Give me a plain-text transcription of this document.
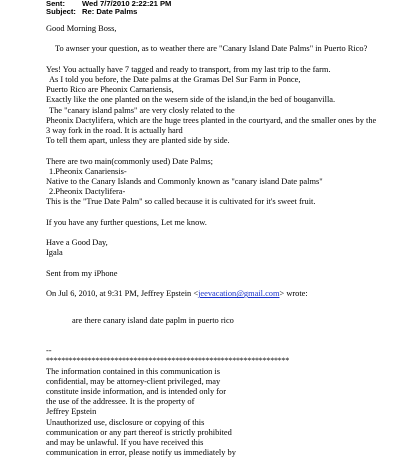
Sent: Wed 7/7/2010 2:22:21 PM
Subject: Re: Date Palms
Good Morning Boss,
To awnser your question, as to weather there are "Canary Island Date Palms" in Puerto Rico?
Yes! You actually have 7 tagged and ready to transport, from my last trip to the farm.
As I told you before, the Date palms at the Gramas Del Sur Farm in Ponce,
Puerto Rico are Pheonix Carnariensis,
Exactly like the one planted on the wesern side of the island,in the bed of bouganvilla.
The "canary island palms" are very closly related to the
Pheonix Dactylifera, which are the huge trees planted in the courtyard, and the smaller ones by the
3 way fork in the road. It is actually hard
To tell them apart, unless they are planted side by side.
There are two main(commonly used) Date Palms;
1.Pheonix Canariensis-
Native to the Canary Islands and Commonly known as "canary island Date palms"
2.Pheonix Dactylifera-
This is the "True Date Palm" so called because it is cultivated for it's sweet fruit.
If you have any further questions, Let me know.
Have a Good Day,
Igala
Sent from my iPhone
On Jul 6, 2010, at 9:31 PM, Jeffrey Epstein <jeevacation@gmail.com> wrote:
are there canary island date paplm in puerto rico
--
****************************************************************
The information contained in this communication is
confidential, may be attorney-client privileged, may
constitute inside information, and is intended only for
the use of the addressee. It is the property of
Jeffrey Epstein
Unauthorized use, disclosure or copying of this
communication or any part thereof is strictly prohibited
and may be unlawful. If you have received this
communication in error, please notify us immediately by
